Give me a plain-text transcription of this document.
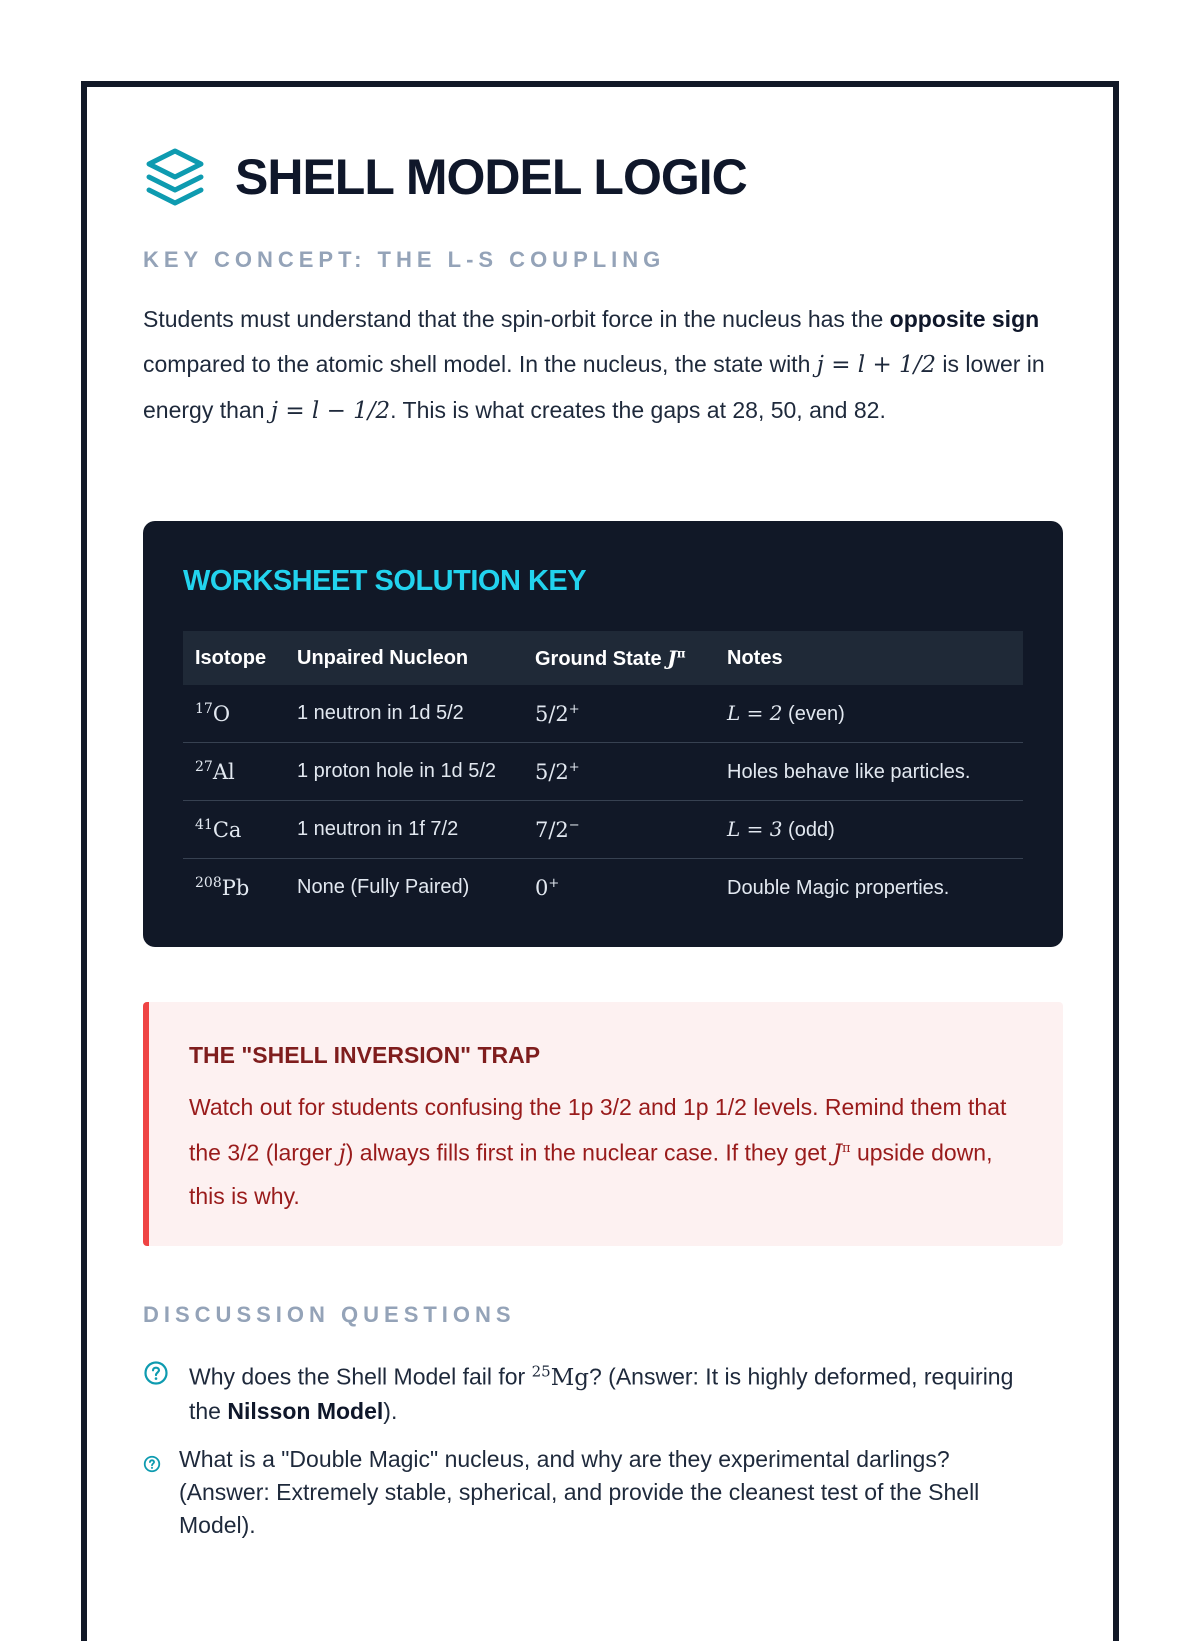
SHELL MODEL LOGIC
KEY CONCEPT: THE L-S COUPLING
Students must understand that the spin-orbit force in the nucleus has the opposite sign compared to the atomic shell model. In the nucleus, the state with j = l + 1/2 is lower in energy than j = l − 1/2. This is what creates the gaps at 28, 50, and 82.
WORKSHEET SOLUTION KEY
Isotope	Unpaired Nucleon	Ground State $J^\pi$	Notes
$^{17}$O	1 neutron in 1d 5/2	5/2+	L = 2 (even)
$^{27}$Al	1 proton hole in 1d 5/2	5/2+	Holes behave like particles.
$^{41}$Ca	1 neutron in 1f 7/2	7/2−	L = 3 (odd)
$^{208}$Pb	None (Fully Paired)	0+	Double Magic properties.
THE "SHELL INVERSION" TRAP
Watch out for students confusing the 1p 3/2 and 1p 1/2 levels. Remind them that the 3/2 (larger j) always fills first in the nuclear case. If they get $J^\pi$ upside down, this is why.
DISCUSSION QUESTIONS
Why does the Shell Model fail for $^{25}$Mg? (Answer: It is highly deformed, requiring the Nilsson Model).
What is a "Double Magic" nucleus, and why are they experimental darlings? (Answer: Extremely stable, spherical, and provide the cleanest test of the Shell Model).
